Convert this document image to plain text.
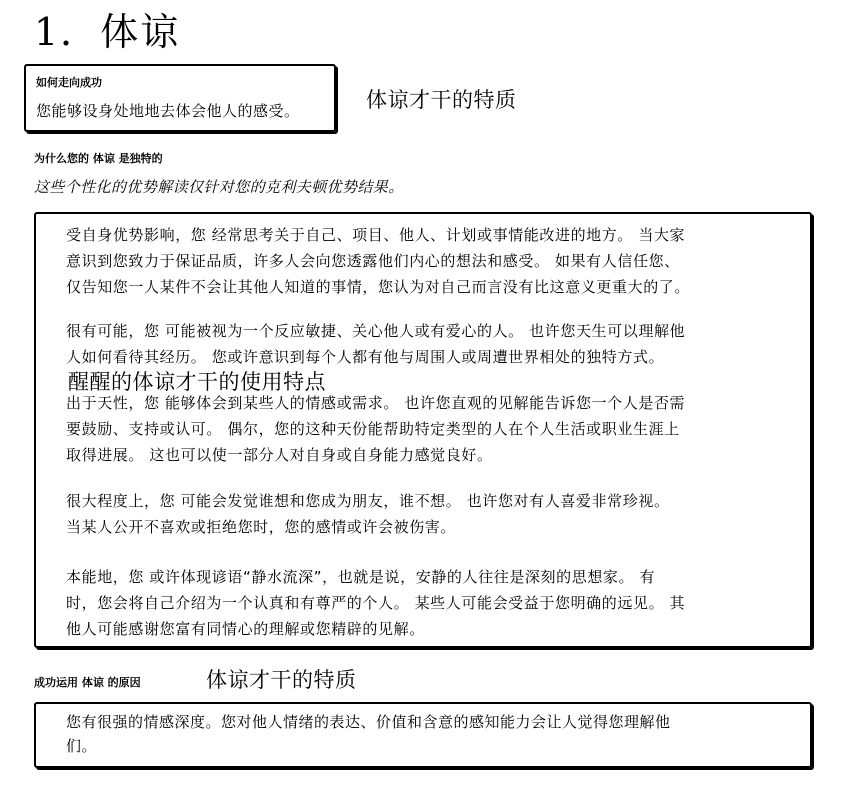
1．体谅
如何走向成功
您能够设身处地地去体会他人的感受。	体谅才干的特质
为什么您的 体谅 是独特的
这些个性化的优势解读仅针对您的克利夫顿优势结果。
受自身优势影响，您 经常思考关于自己、项目、他人、计划或事情能改进的地方。 当大家
意识到您致力于保证品质，许多人会向您透露他们内心的想法和感受。 如果有人信任您、
仅告知您一人某件不会让其他人知道的事情，您认为对自己而言没有比这意义更重大的了。
很有可能，您 可能被视为一个反应敏捷、关心他人或有爱心的人。 也许您天生可以理解他
人如何看待其经历。 您或许意识到每个人都有他与周围人或周遭世界相处的独特方式。
出于天性，您 能够体会到某些人的情感或需求。 也许您直观的见解能告诉您一个人是否需
要鼓励、支持或认可。 偶尔，您的这种天份能帮助特定类型的人在个人生活或职业生涯上
取得进展。 这也可以使一部分人对自身或自身能力感觉良好。
很大程度上，您 可能会发觉谁想和您成为朋友，谁不想。 也许您对有人喜爱非常珍视。
当某人公开不喜欢或拒绝您时，您的感情或许会被伤害。
本能地，您 或许体现谚语“静水流深”，也就是说，安静的人往往是深刻的思想家。 有
时，您会将自己介绍为一个认真和有尊严的个人。 某些人可能会受益于您明确的远见。 其
他人可能感谢您富有同情心的理解或您精辟的见解。
醒醒的体谅才干的使用特点
成功运用 体谅 的原因	体谅才干的特质
您有很强的情感深度。您对他人情绪的表达、价值和含意的感知能力会让人觉得您理解他
们。
